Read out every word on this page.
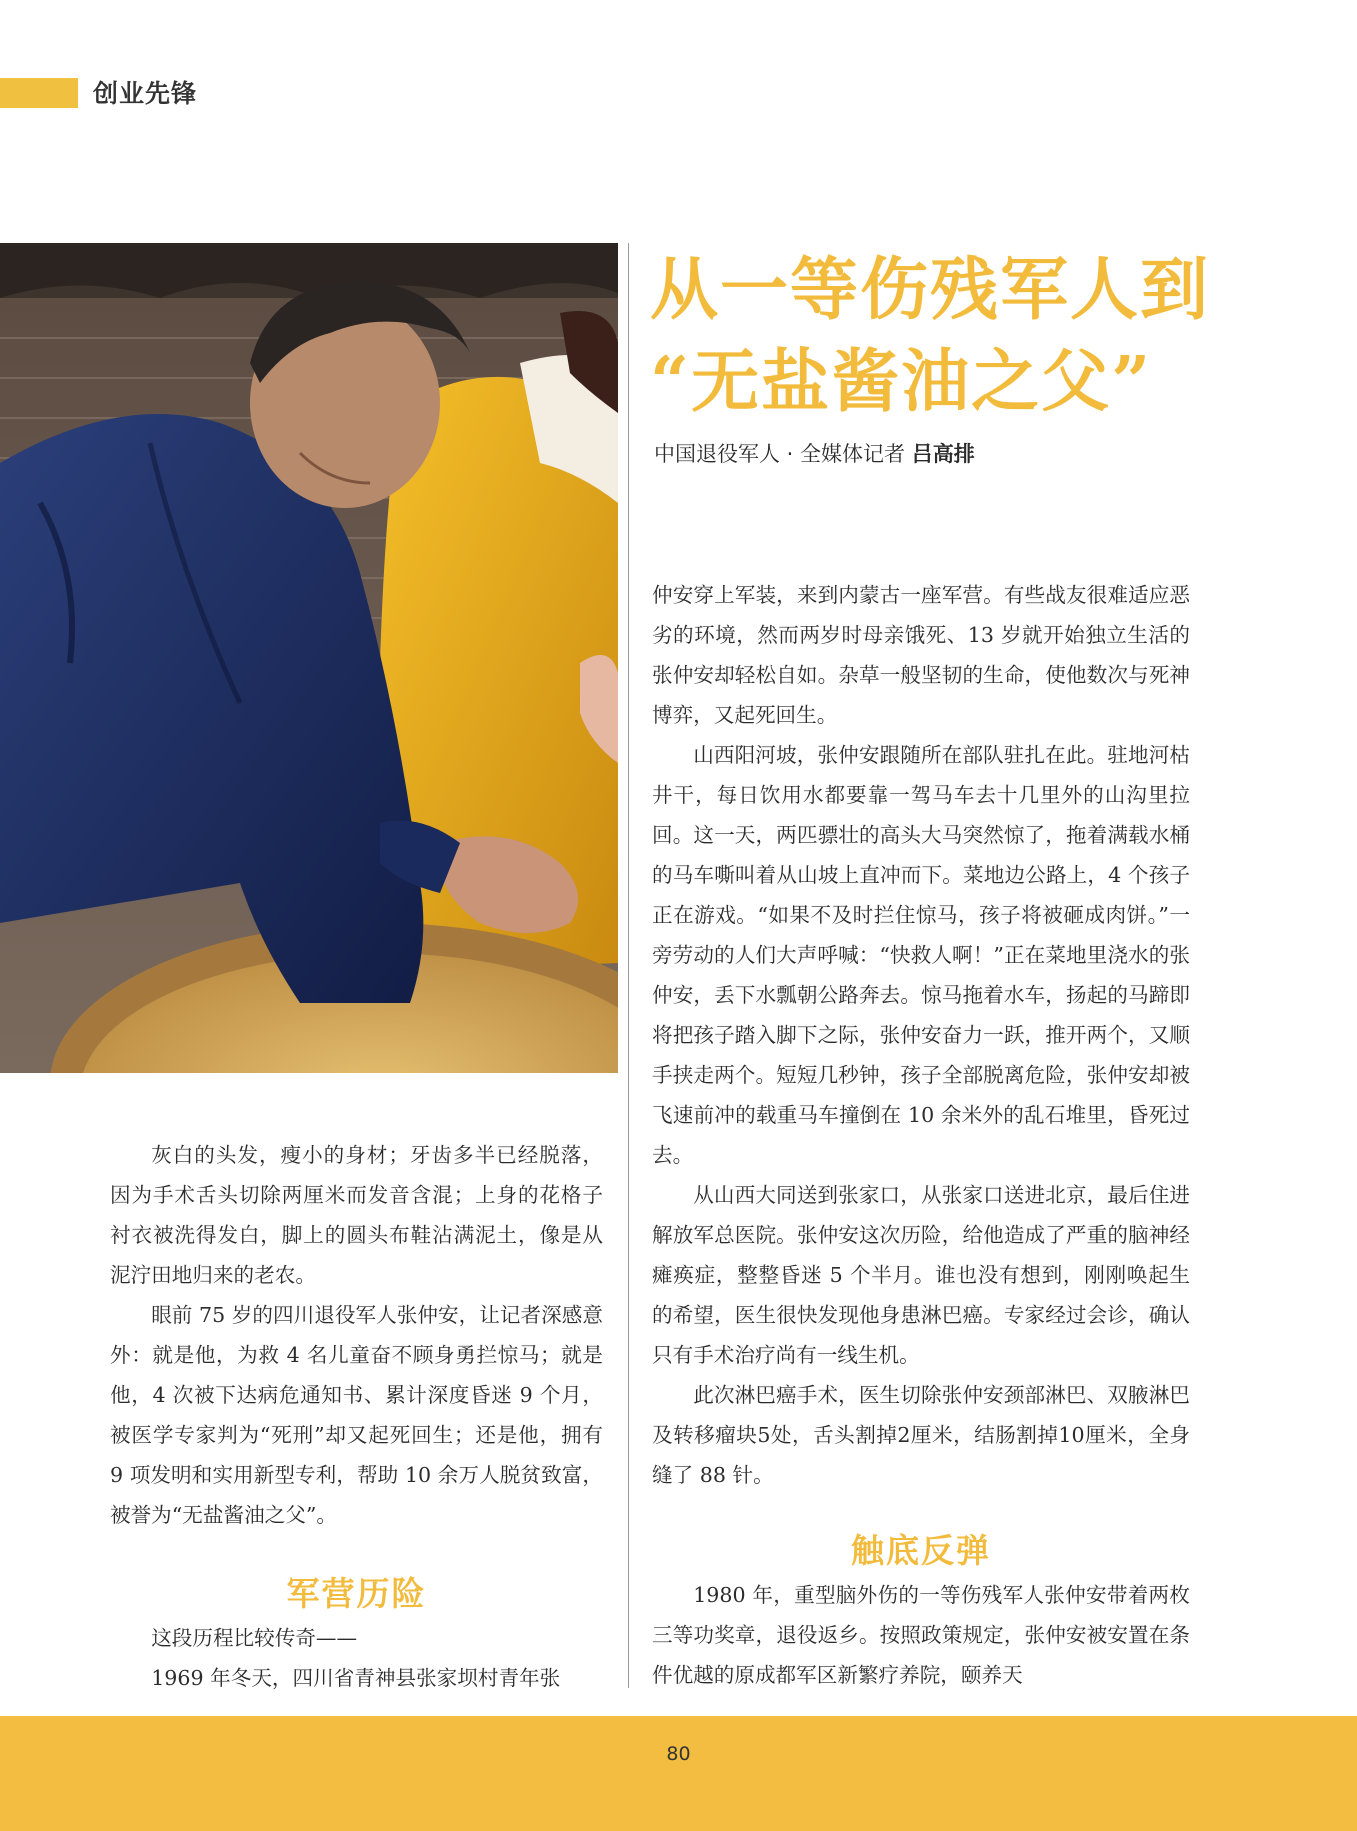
创业先锋
从一等伤残军人到
“无盐酱油之父”
中国退役军人 · 全媒体记者 吕高排

灰白的头发，瘦小的身材；牙齿多半已经脱落，因为手术舌头切除两厘米而发音含混；上身的花格子衬衣被洗得发白，脚上的圆头布鞋沾满泥土，像是从泥泞田地归来的老农。

眼前 75 岁的四川退役军人张仲安，让记者深感意外：就是他，为救 4 名儿童奋不顾身勇拦惊马；就是他，4 次被下达病危通知书、累计深度昏迷 9 个月，被医学专家判为“死刑”却又起死回生；还是他，拥有 9 项发明和实用新型专利，帮助 10 余万人脱贫致富，被誉为“无盐酱油之父”。

军营历险

这段历程比较传奇——

1969 年冬天，四川省青神县张家坝村青年张

仲安穿上军装，来到内蒙古一座军营。有些战友很难适应恶劣的环境，然而两岁时母亲饿死、13 岁就开始独立生活的张仲安却轻松自如。杂草一般坚韧的生命，使他数次与死神博弈，又起死回生。

山西阳河坡，张仲安跟随所在部队驻扎在此。驻地河枯井干，每日饮用水都要靠一驾马车去十几里外的山沟里拉回。这一天，两匹骠壮的高头大马突然惊了，拖着满载水桶的马车嘶叫着从山坡上直冲而下。菜地边公路上，4 个孩子正在游戏。“如果不及时拦住惊马，孩子将被砸成肉饼。”一旁劳动的人们大声呼喊：“快救人啊！”正在菜地里浇水的张仲安，丢下水瓢朝公路奔去。惊马拖着水车，扬起的马蹄即将把孩子踏入脚下之际，张仲安奋力一跃，推开两个，又顺手挟走两个。短短几秒钟，孩子全部脱离危险，张仲安却被飞速前冲的载重马车撞倒在 10 余米外的乱石堆里，昏死过去。

从山西大同送到张家口，从张家口送进北京，最后住进解放军总医院。张仲安这次历险，给他造成了严重的脑神经瘫痪症，整整昏迷 5 个半月。谁也没有想到，刚刚唤起生的希望，医生很快发现他身患淋巴癌。专家经过会诊，确认只有手术治疗尚有一线生机。

此次淋巴癌手术，医生切除张仲安颈部淋巴、双腋淋巴及转移瘤块5处，舌头割掉2厘米，结肠割掉10厘米，全身缝了 88 针。

触底反弹

1980 年，重型脑外伤的一等伤残军人张仲安带着两枚三等功奖章，退役返乡。按照政策规定，张仲安被安置在条件优越的原成都军区新繁疗养院，颐养天

80
